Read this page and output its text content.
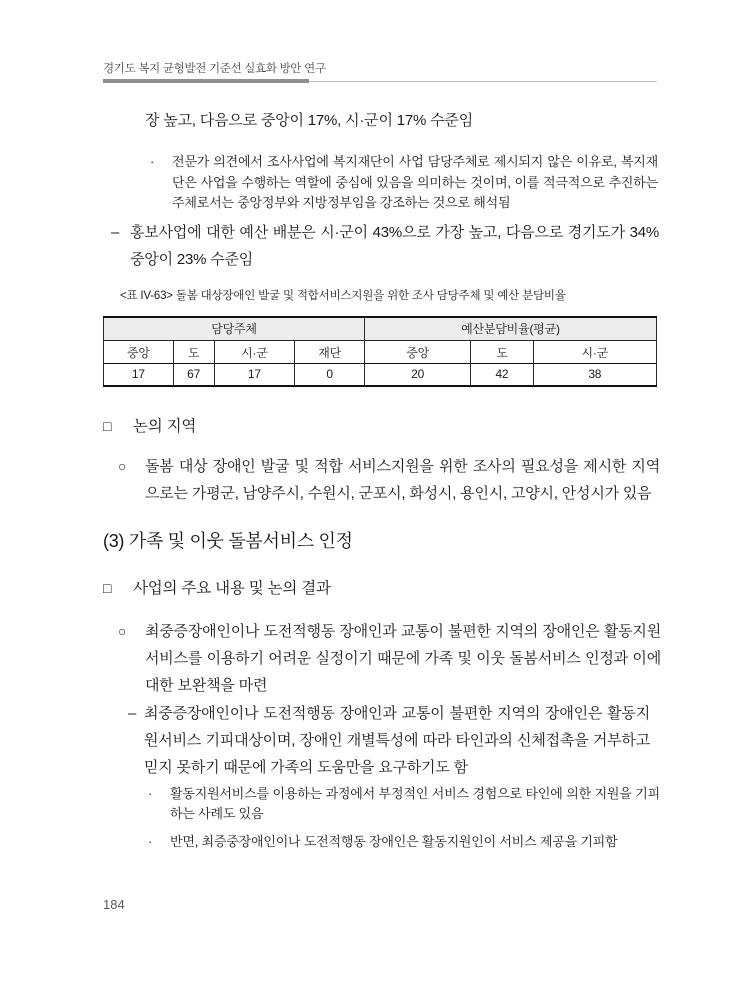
경기도 복지 균형발전 기준선 실효화 방안 연구
장 높고, 다음으로 중앙이 17%, 시·군이 17% 수준임
·	전문가 의견에서 조사사업에 복지재단이 사업 담당주체로 제시되지 않은 이유로, 복지재단은 사업을 수행하는 역할에 중심에 있음을 의미하는 것이며, 이를 적극적으로 추진하는 주체로서는 중앙정부와 지방정부임을 강조하는 것으로 해석됨
– 홍보사업에 대한 예산 배분은 시·군이 43%으로 가장 높고, 다음으로 경기도가 34% 중앙이 23% 수준임
<표 IV-63> 돌봄 대상장애인 발굴 및 적합서비스지원을 위한 조사 담당주체 및 예산 분담비율
담당주체				예산분담비율(평균)		
중앙	도	시·군	재단	중앙	도	시·군
17	67	17	0	20	42	38
□	논의 지역
○	돌봄 대상 장애인 발굴 및 적합 서비스지원을 위한 조사의 필요성을 제시한 지역으로는 가평군, 남양주시, 수원시, 군포시, 화성시, 용인시, 고양시, 안성시가 있음
(3) 가족 및 이웃 돌봄서비스 인정
□	사업의 주요 내용 및 논의 결과
○	최중증장애인이나 도전적행동 장애인과 교통이 불편한 지역의 장애인은 활동지원서비스를 이용하기 어려운 실정이기 때문에 가족 및 이웃 돌봄서비스 인정과 이에 대한 보완책을 마련
– 최중증장애인이나 도전적행동 장애인과 교통이 불편한 지역의 장애인은 활동지원서비스 기피대상이며, 장애인 개별특성에 따라 타인과의 신체접촉을 거부하고 믿지 못하기 때문에 가족의 도움만을 요구하기도 함
·	활동지원서비스를 이용하는 과정에서 부정적인 서비스 경험으로 타인에 의한 지원을 기피하는 사례도 있음
·	반면, 최증중장애인이나 도전적행동 장애인은 활동지원인이 서비스 제공을 기피함
184
